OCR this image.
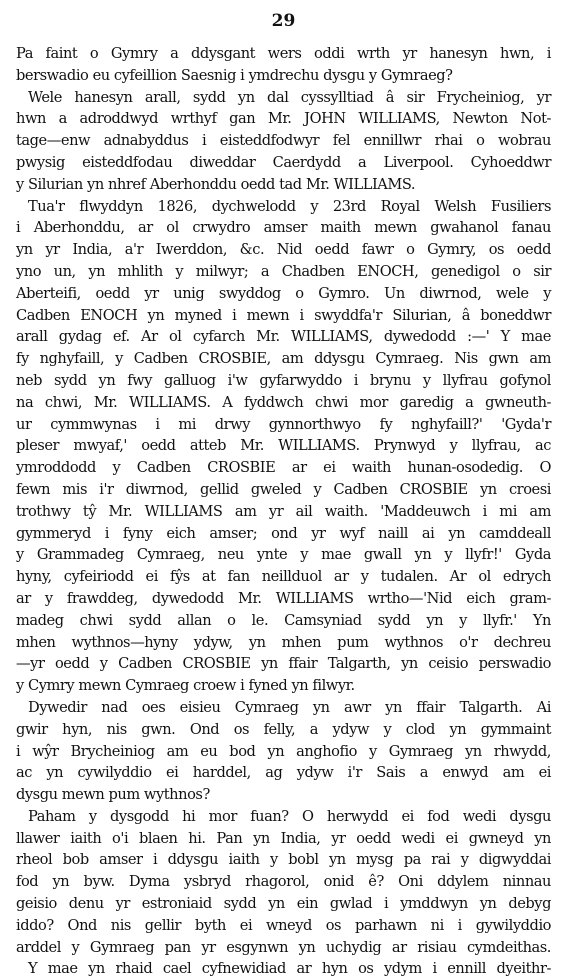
29
Pa faint o Gymry a ddysgant wers oddi wrth yr hanesyn hwn, i
berswadio eu cyfeillion Saesnig i ymdrechu dysgu y Gymraeg?
Wele hanesyn arall, sydd yn dal cyssylltiad â sir Frycheiniog, yr
hwn a adroddwyd wrthyf gan Mr. JOHN WILLIAMS, Newton Not-
tage—enw adnabyddus i eisteddfodwyr fel ennillwr rhai o wobrau
pwysig eisteddfodau diweddar Caerdydd a Liverpool. Cyhoeddwr
y Silurian yn nhref Aberhonddu oedd tad Mr. WILLIAMS.
Tua'r flwyddyn 1826, dychwelodd y 23rd Royal Welsh Fusiliers
i Aberhonddu, ar ol crwydro amser maith mewn gwahanol fanau
yn yr India, a'r Iwerddon, &c. Nid oedd fawr o Gymry, os oedd
yno un, yn mhlith y milwyr; a Chadben ENOCH, genedigol o sir
Aberteifi, oedd yr unig swyddog o Gymro. Un diwrnod, wele y
Cadben ENOCH yn myned i mewn i swyddfa'r Silurian, â boneddwr
arall gydag ef. Ar ol cyfarch Mr. WILLIAMS, dywedodd :—' Y mae
fy nghyfaill, y Cadben CROSBIE, am ddysgu Cymraeg. Nis gwn am
neb sydd yn fwy galluog i'w gyfarwyddo i brynu y llyfrau gofynol
na chwi, Mr. WILLIAMS. A fyddwch chwi mor garedig a gwneuth-
ur cymmwynas i mi drwy gynnorthwyo fy nghyfaill?' 'Gyda'r
pleser mwyaf,' oedd atteb Mr. WILLIAMS. Prynwyd y llyfrau, ac
ymroddodd y Cadben CROSBIE ar ei waith hunan-osodedig. O
fewn mis i'r diwrnod, gellid gweled y Cadben CROSBIE yn croesi
trothwy tŷ Mr. WILLIAMS am yr ail waith. 'Maddeuwch i mi am
gymmeryd i fyny eich amser; ond yr wyf naill ai yn camddeall
y Grammadeg Cymraeg, neu ynte y mae gwall yn y llyfr!' Gyda
hyny, cyfeiriodd ei fŷs at fan neillduol ar y tudalen. Ar ol edrych
ar y frawddeg, dywedodd Mr. WILLIAMS wrtho—'Nid eich gram-
madeg chwi sydd allan o le. Camsyniad sydd yn y llyfr.' Yn
mhen wythnos—hyny ydyw, yn mhen pum wythnos o'r dechreu
—yr oedd y Cadben CROSBIE yn ffair Talgarth, yn ceisio perswadio
y Cymry mewn Cymraeg croew i fyned yn filwyr.
Dywedir nad oes eisieu Cymraeg yn awr yn ffair Talgarth. Ai
gwir hyn, nis gwn. Ond os felly, a ydyw y clod yn gymmaint
i wŷr Brycheiniog am eu bod yn anghofio y Gymraeg yn rhwydd,
ac yn cywilyddio ei harddel, ag ydyw i'r Sais a enwyd am ei
dysgu mewn pum wythnos?
Paham y dysgodd hi mor fuan? O herwydd ei fod wedi dysgu
llawer iaith o'i blaen hi. Pan yn India, yr oedd wedi ei gwneyd yn
rheol bob amser i ddysgu iaith y bobl yn mysg pa rai y digwyddai
fod yn byw. Dyma ysbryd rhagorol, onid ê? Oni ddylem ninnau
geisio denu yr estroniaid sydd yn ein gwlad i ymddwyn yn debyg
iddo? Ond nis gellir byth ei wneyd os parhawn ni i gywilyddio
arddel y Gymraeg pan yr esgynwn yn uchydig ar risiau cymdeithas.
Y mae yn rhaid cael cyfnewidiad ar hyn os ydym i ennill dyeithr-
